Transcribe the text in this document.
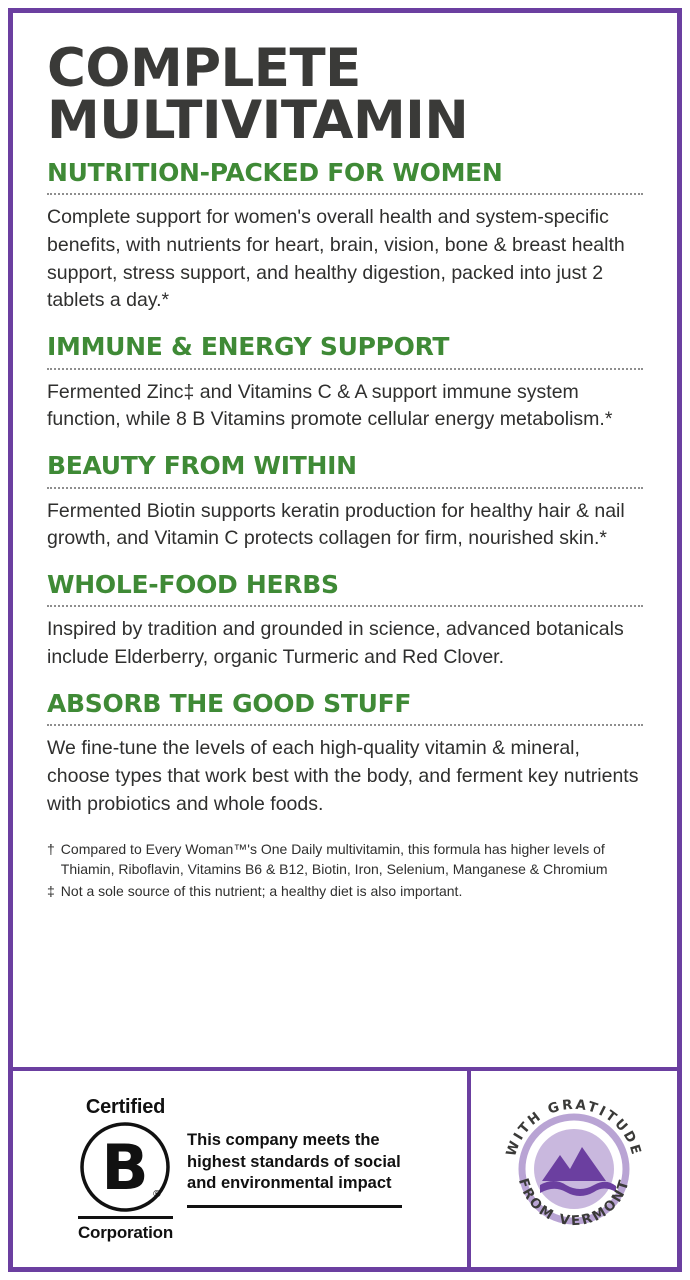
COMPLETE
MULTIVITAMIN
NUTRITION-PACKED FOR WOMEN

Complete support for women's overall health and system-specific benefits, with nutrients for heart, brain, vision, bone & breast health support, stress support, and healthy digestion, packed into just 2 tablets a day.*

IMMUNE & ENERGY SUPPORT

Fermented Zinc‡ and Vitamins C & A support immune system function, while 8 B Vitamins promote cellular energy metabolism.*

BEAUTY FROM WITHIN

Fermented Biotin supports keratin production for healthy hair & nail growth, and Vitamin C protects collagen for firm, nourished skin.*

WHOLE-FOOD HERBS

Inspired by tradition and grounded in science, advanced botanicals include Elderberry, organic Turmeric and Red Clover.

ABSORB THE GOOD STUFF

We fine-tune the levels of each high-quality vitamin & mineral, choose types that work best with the body, and ferment key nutrients with probiotics and whole foods.

† Compared to Every Woman™'s One Daily multivitamin, this formula has higher levels of Thiamin, Riboflavin, Vitamins B6 & B12, Biotin, Iron, Selenium, Manganese & Chromium
‡ Not a sole source of this nutrient; a healthy diet is also important.
Certified
B ®
Corporation
This company meets the highest standards of social and environmental impact
WITH GRATITUDE
FROM VERMONT
